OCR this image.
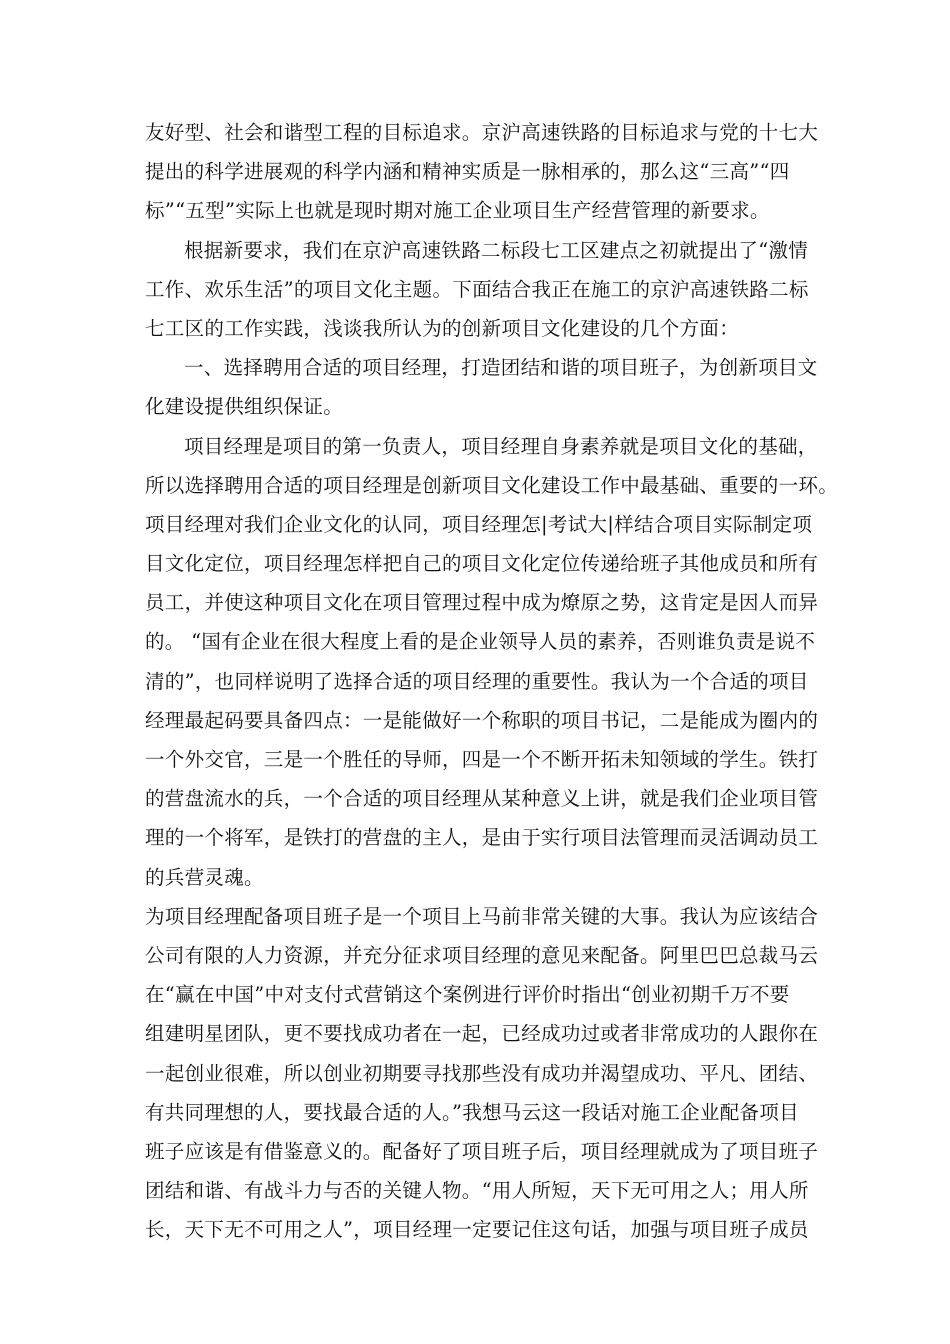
友好型、社会和谐型工程的目标追求。京沪高速铁路的目标追求与党的十七大
提出的科学进展观的科学内涵和精神实质是一脉相承的，那么这“三高”“四
标”“五型”实际上也就是现时期对施工企业项目生产经营管理的新要求。
根据新要求，我们在京沪高速铁路二标段七工区建点之初就提出了“激情
工作、欢乐生活”的项目文化主题。下面结合我正在施工的京沪高速铁路二标
七工区的工作实践，浅谈我所认为的创新项目文化建设的几个方面：
一、选择聘用合适的项目经理，打造团结和谐的项目班子，为创新项目文
化建设提供组织保证。
项目经理是项目的第一负责人，项目经理自身素养就是项目文化的基础，
所以选择聘用合适的项目经理是创新项目文化建设工作中最基础、重要的一环。
项目经理对我们企业文化的认同，项目经理怎|考试大|样结合项目实际制定项
目文化定位，项目经理怎样把自己的项目文化定位传递给班子其他成员和所有
员工，并使这种项目文化在项目管理过程中成为燎原之势，这肯定是因人而异
的。 “国有企业在很大程度上看的是企业领导人员的素养，否则谁负责是说不
清的”，也同样说明了选择合适的项目经理的重要性。我认为一个合适的项目
经理最起码要具备四点：一是能做好一个称职的项目书记，二是能成为圈内的
一个外交官，三是一个胜任的导师，四是一个不断开拓未知领域的学生。铁打
的营盘流水的兵，一个合适的项目经理从某种意义上讲，就是我们企业项目管
理的一个将军，是铁打的营盘的主人，是由于实行项目法管理而灵活调动员工
的兵营灵魂。
为项目经理配备项目班子是一个项目上马前非常关键的大事。我认为应该结合
公司有限的人力资源，并充分征求项目经理的意见来配备。阿里巴巴总裁马云
在“赢在中国”中对支付式营销这个案例进行评价时指出“创业初期千万不要
组建明星团队，更不要找成功者在一起，已经成功过或者非常成功的人跟你在
一起创业很难，所以创业初期要寻找那些没有成功并渴望成功、平凡、团结、
有共同理想的人，要找最合适的人。”我想马云这一段话对施工企业配备项目
班子应该是有借鉴意义的。配备好了项目班子后，项目经理就成为了项目班子
团结和谐、有战斗力与否的关键人物。“用人所短，天下无可用之人；用人所
长，天下无不可用之人”，项目经理一定要记住这句话，加强与项目班子成员
